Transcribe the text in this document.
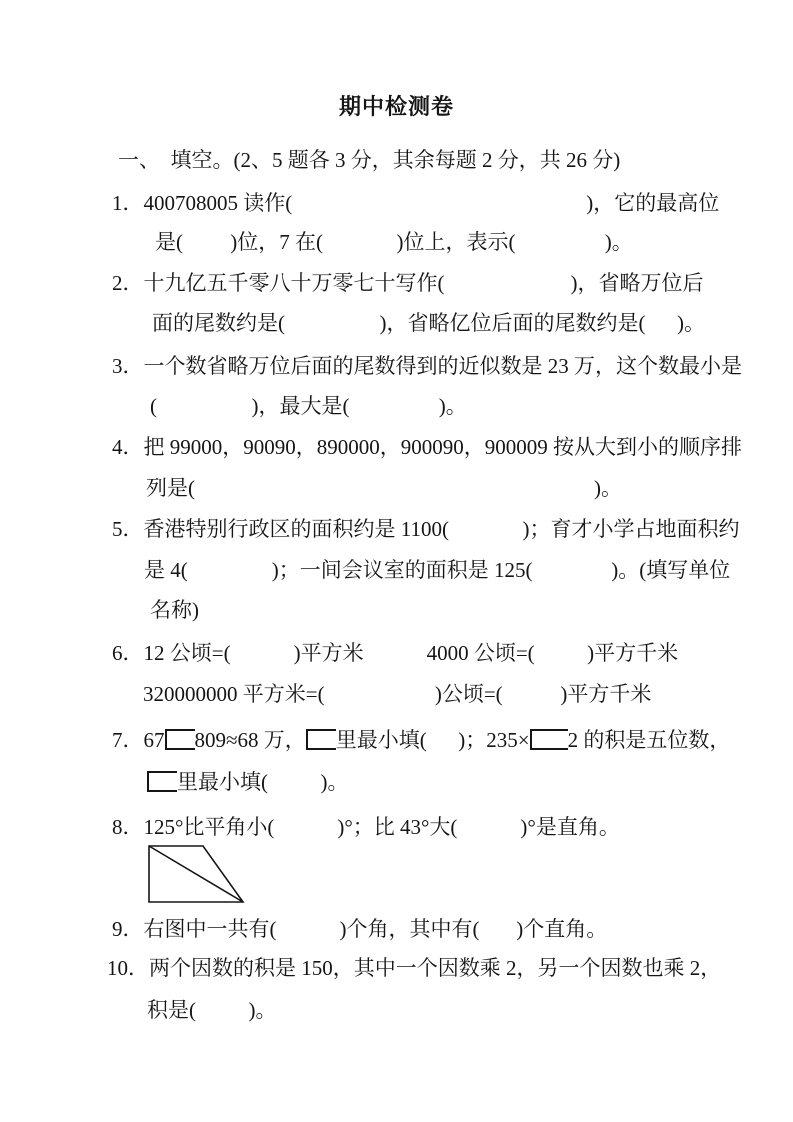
期中检测卷
一、  填空。(2、5 题各 3 分，其余每题 2 分，共 26 分)
1．400708005 读作(                                                        )，它的最高位
是(         )位，7 在(              )位上，表示(                 )。
2．十九亿五千零八十万零七十写作(                        )，省略万位后
面的尾数约是(                  )，省略亿位后面的尾数约是(      )。
3．一个数省略万位后面的尾数得到的近似数是 23 万，这个数最小是
(                  )，最大是(                 )。
4．把 99000，90090，890000，900090，900009 按从大到小的顺序排
列是(                                                                            )。
5．香港特别行政区的面积约是 1100(              )；育才小学占地面积约
是 4(                )；一间会议室的面积是 125(               )。(填写单位
名称)
6．12 公顷=(            )平方米            4000 公顷=(          )平方千米
320000000 平方米=(                     )公顷=(           )平方千米
7．67 809≈68 万， 里最小填(      )；235× 2 的积是五位数，
里最小填(          )。
8．125°比平角小(            )°；比 43°大(            )°是直角。
9．右图中一共有(            )个角，其中有(       )个直角。
10．两个因数的积是 150，其中一个因数乘 2，另一个因数也乘 2，
积是(          )。
